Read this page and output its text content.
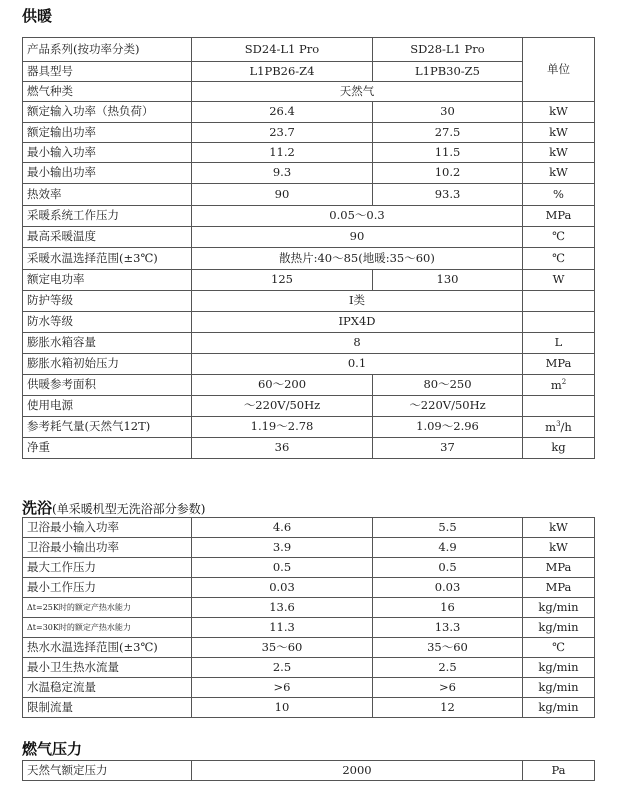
供暖
产品系列(按功率分类)	SD24-L1 Pro	SD28-L1 Pro	单位
器具型号	L1PB26-Z4	L1PB30-Z5	
燃气种类	天然气		
额定输入功率（热负荷）	26.4	30	kW
额定输出功率	23.7	27.5	kW
最小输入功率	11.2	11.5	kW
最小输出功率	9.3	10.2	kW
热效率	90	93.3	%
采暖系统工作压力	0.05～0.3		MPa
最高采暖温度	90		℃
采暖水温选择范围(±3℃)	散热片:40～85(地暖:35～60)		℃
额定电功率	125	130	W
防护等级	I类		
防水等级	IPX4D		
膨胀水箱容量	8		L
膨胀水箱初始压力	0.1		MPa
供暖参考面积	60～200	80～250	$m^2$
使用电源	～220V/50Hz	～220V/50Hz	
参考耗气量(天然气12T)	1.19～2.78	1.09～2.96	$m^3/h$
净重	36	37	kg
洗浴(单采暖机型无洗浴部分参数)
卫浴最小输入功率	4.6	5.5	kW
卫浴最小输出功率	3.9	4.9	kW
最大工作压力	0.5	0.5	MPa
最小工作压力	0.03	0.03	MPa
Δt=25K时的额定产热水能力	13.6	16	kg/min
Δt=30K时的额定产热水能力	11.3	13.3	kg/min
热水水温选择范围(±3℃)	35～60	35～60	℃
最小卫生热水流量	2.5	2.5	kg/min
水温稳定流量	>6	>6	kg/min
限制流量	10	12	kg/min
燃气压力
天然气额定压力	2000	Pa
